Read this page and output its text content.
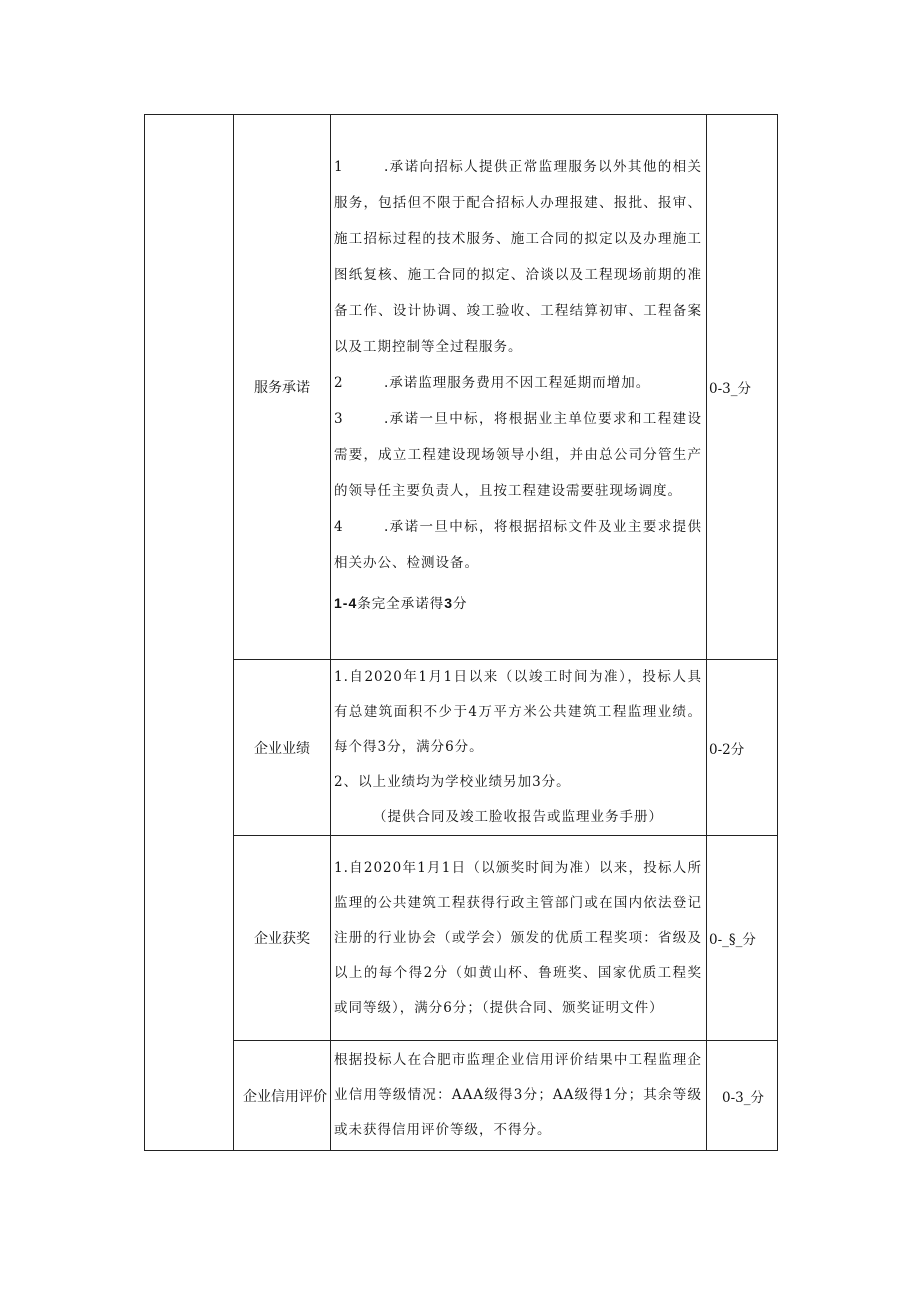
	服务承诺	1 .承诺向招标人提供正常监理服务以外其他的相关服务，包括但不限于配合招标人办理报建、报批、报审、施工招标过程的技术服务、施工合同的拟定以及办理施工图纸复核、施工合同的拟定、洽谈以及工程现场前期的准备工作、设计协调、竣工验收、工程结算初审、工程备案以及工期控制等全过程服务。
2 .承诺监理服务费用不因工程延期而增加。
3 .承诺一旦中标，将根据业主单位要求和工程建设需要，成立工程建设现场领导小组，并由总公司分管生产的领导任主要负责人，且按工程建设需要驻现场调度。
4 .承诺一旦中标，将根据招标文件及业主要求提供相关办公、检测设备。
1-4条完全承诺得3分	0-3_分
	企业业绩	1.自2020年1月1日以来（以竣工时间为准），投标人具有总建筑面积不少于4万平方米公共建筑工程监理业绩。每个得3分，满分6分。
2、以上业绩均为学校业绩另加3分。
（提供合同及竣工脸收报告或监理业务手册）	0-2分
	企业获奖	1.自2020年1月1日（以颁奖时间为准）以来，投标人所监理的公共建筑工程获得行政主管部门或在国内依法登记注册的行业协会（或学会）颁发的优质工程奖项：省级及以上的每个得2分（如黄山杯、鲁班奖、国家优质工程奖或同等级），满分6分；（提供合同、颁奖证明文件）	0-_§_分
	企业信用评价	根据投标人在合肥市监理企业信用评价结果中工程监理企业信用等级情况：AAA级得3分；AA级得1分；其余等级或未获得信用评价等级，不得分。	0-3_分
